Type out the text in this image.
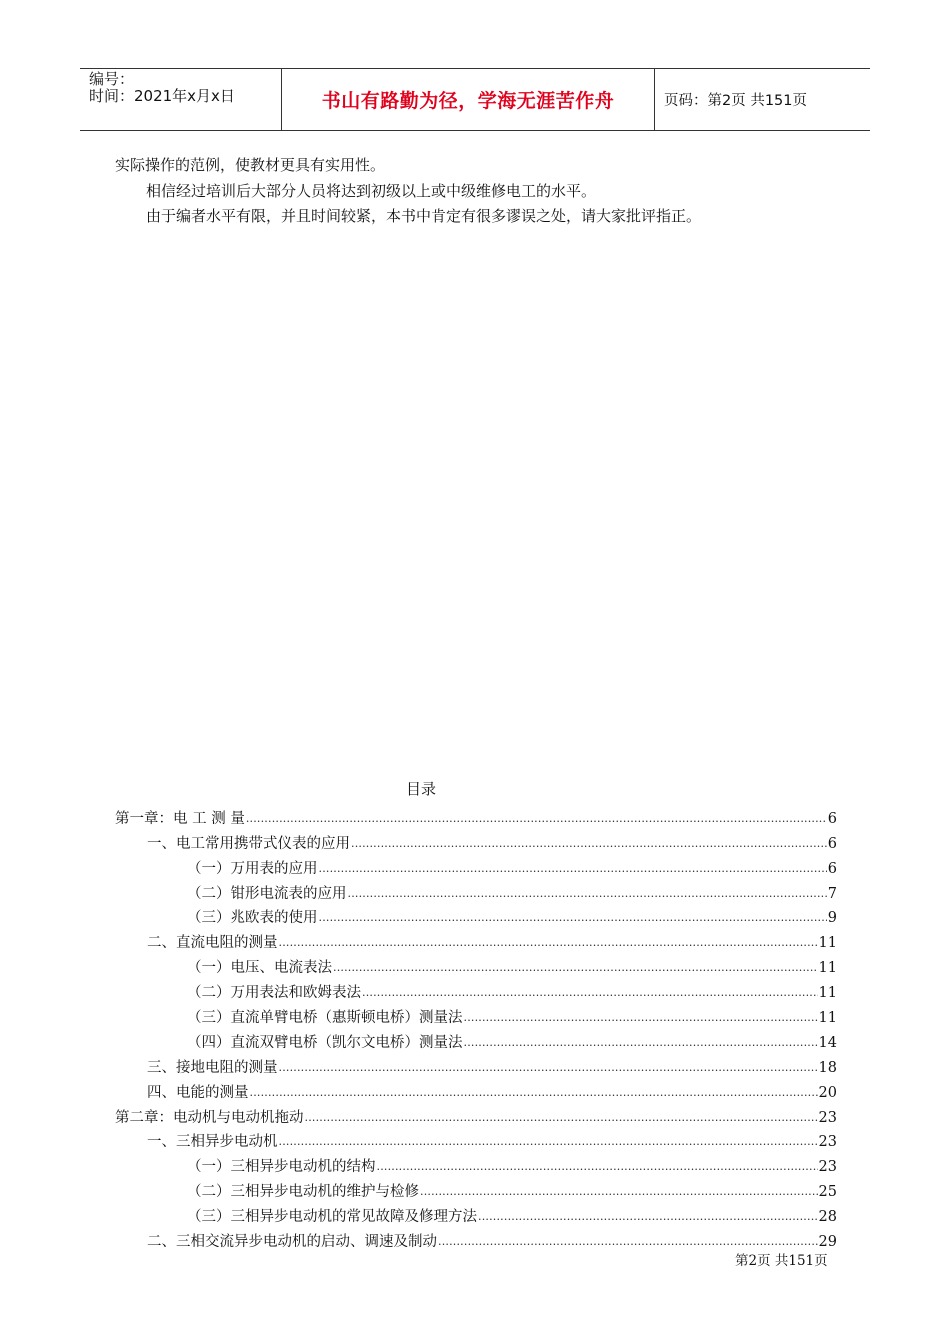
编号：
时间：2021年x月x日	书山有路勤为径，学海无涯苦作舟	页码：第2页 共151页
实际操作的范例，使教材更具有实用性。
相信经过培训后大部分人员将达到初级以上或中级维修电工的水平。
由于编者水平有限，并且时间较紧，本书中肯定有很多谬误之处，请大家批评指正。
目录
第一章：电 工 测 量 .....	6
一、电工常用携带式仪表的应用 .....	6
（一）万用表的应用 .....	6
（二）钳形电流表的应用 .....	7
（三）兆欧表的使用 .....	9
二、直流电阻的测量 .....	11
（一）电压、电流表法 .....	11
（二）万用表法和欧姆表法 .....	11
（三）直流单臂电桥（惠斯顿电桥）测量法 .....	11
（四）直流双臂电桥（凯尔文电桥）测量法 .....	14
三、接地电阻的测量 .....	18
四、电能的测量 .....	20
第二章：电动机与电动机拖动 .....	23
一、三相异步电动机 .....	23
（一）三相异步电动机的结构 .....	23
（二）三相异步电动机的维护与检修 .....	25
（三）三相异步电动机的常见故障及修理方法 .....	28
二、三相交流异步电动机的启动、调速及制动 .....	29
第2页 共151页
